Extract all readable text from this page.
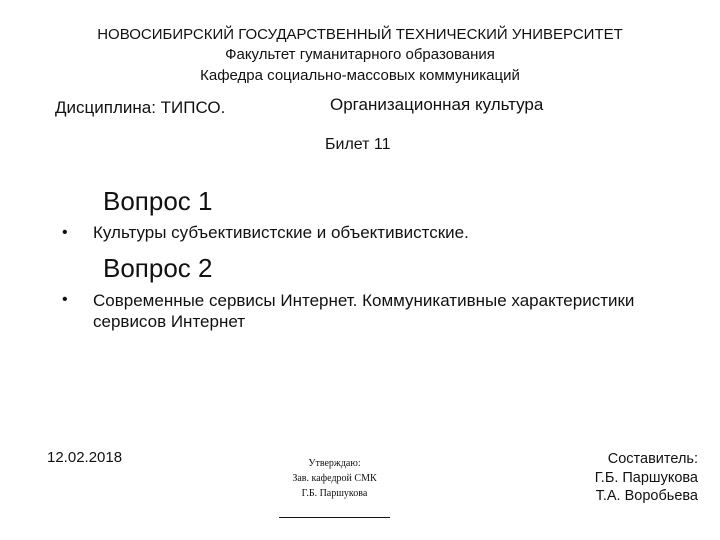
НОВОСИБИРСКИЙ ГОСУДАРСТВЕННЫЙ ТЕХНИЧЕСКИЙ УНИВЕРСИТЕТ
Факультет гуманитарного образования
Кафедра социально-массовых коммуникаций
Дисциплина: ТИПСО.	Организационная культура
Билет 11
Вопрос 1
• Культуры субъективистские и объективистские.
Вопрос 2
• Современные сервисы Интернет. Коммуникативные характеристики сервисов Интернет
12.02.2018	Утверждаю:
Зав. кафедрой СМК
Г.Б. Паршукова
Составитель:
Г.Б. Паршукова
Т.А. Воробьева
